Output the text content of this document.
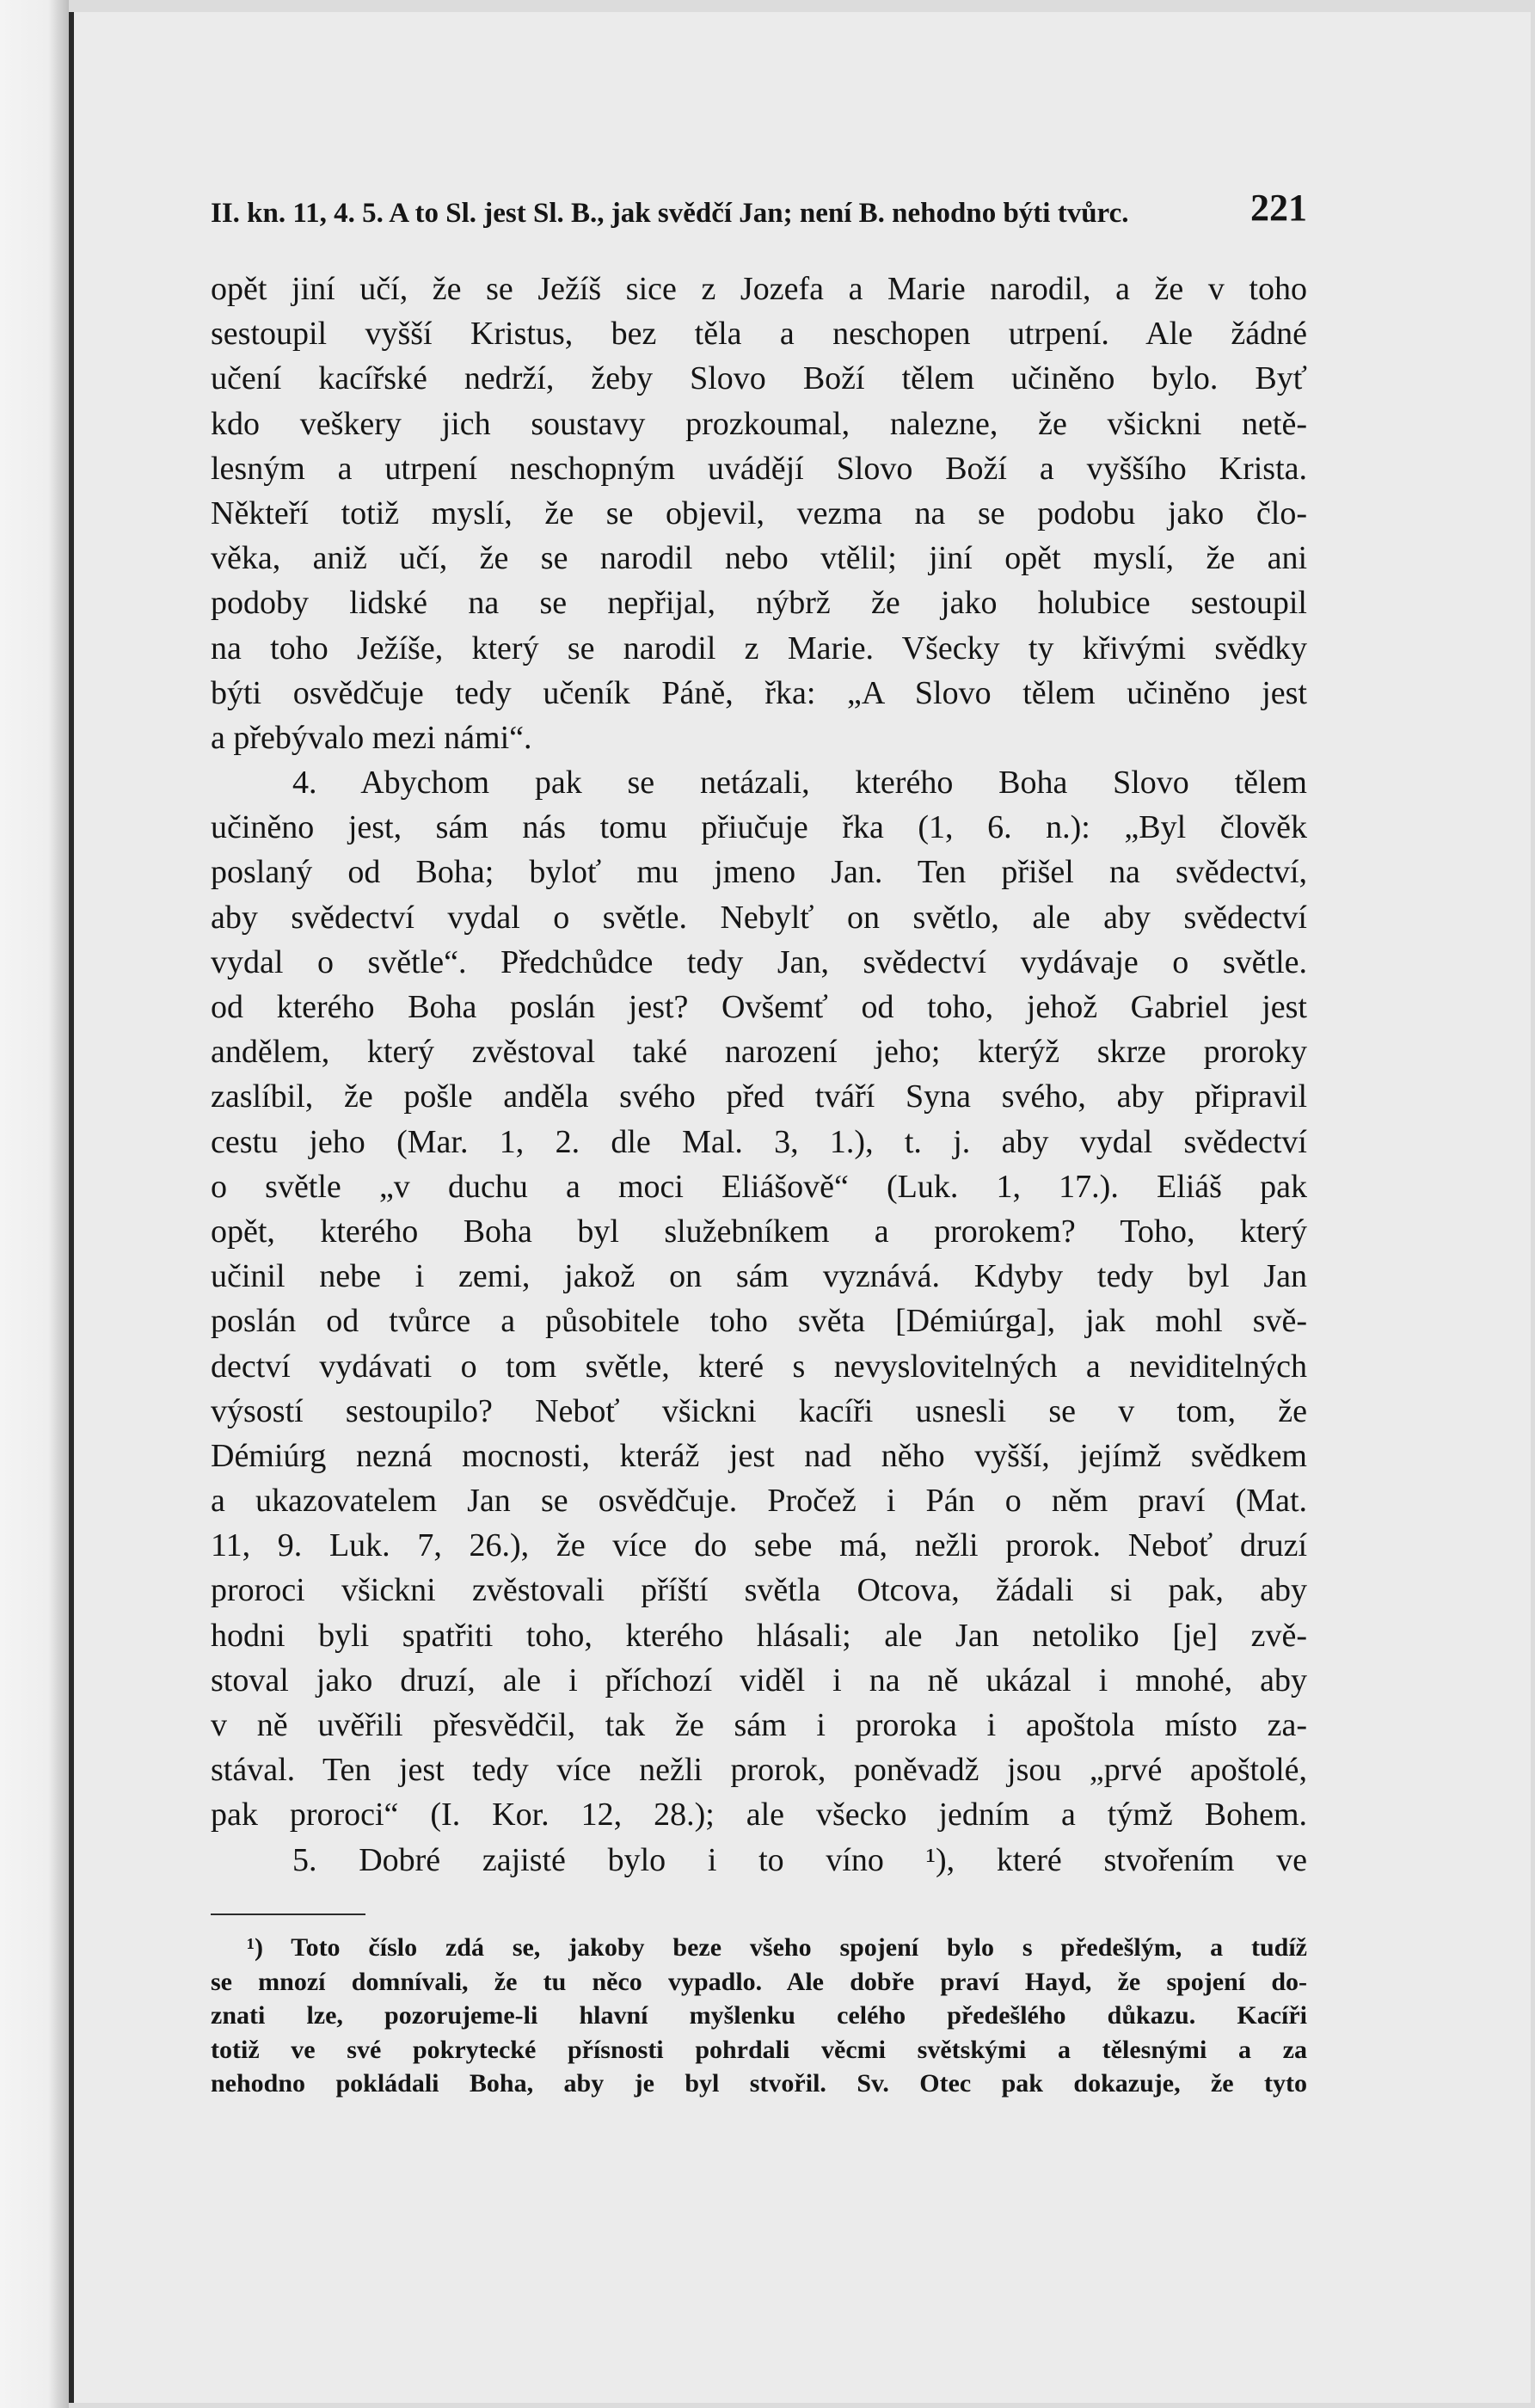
II. kn. 11, 4. 5. A to Sl. jest Sl. B., jak svědčí Jan; není B. nehodno býti tvůrc.	221
opět jiní učí, že se Ježíš sice z Jozefa a Marie narodil, a že v toho
sestoupil vyšší Kristus, bez těla a neschopen utrpení. Ale žádné
učení kacířské nedrží, žeby Slovo Boží tělem učiněno bylo. Byť
kdo veškery jich soustavy prozkoumal, nalezne, že všickni netě-
lesným a utrpení neschopným uvádějí Slovo Boží a vyššího Krista.
Někteří totiž myslí, že se objevil, vezma na se podobu jako člo-
věka, aniž učí, že se narodil nebo vtělil; jiní opět myslí, že ani
podoby lidské na se nepřijal, nýbrž že jako holubice sestoupil
na toho Ježíše, který se narodil z Marie. Všecky ty křivými svědky
býti osvědčuje tedy učeník Páně, řka: „A Slovo tělem učiněno jest
a přebývalo mezi námi“.
4. Abychom pak se netázali, kterého Boha Slovo tělem
učiněno jest, sám nás tomu přiučuje řka (1, 6. n.): „Byl člověk
poslaný od Boha; byloť mu jmeno Jan. Ten přišel na svědectví,
aby svědectví vydal o světle. Nebylť on světlo, ale aby svědectví
vydal o světle“. Předchůdce tedy Jan, svědectví vydávaje o světle.
od kterého Boha poslán jest? Ovšemť od toho, jehož Gabriel jest
andělem, který zvěstoval také narození jeho; kterýž skrze proroky
zaslíbil, že pošle anděla svého před tváří Syna svého, aby připravil
cestu jeho (Mar. 1, 2. dle Mal. 3, 1.), t. j. aby vydal svědectví
o světle „v duchu a moci Eliášově“ (Luk. 1, 17.). Eliáš pak
opět, kterého Boha byl služebníkem a prorokem? Toho, který
učinil nebe i zemi, jakož on sám vyznává. Kdyby tedy byl Jan
poslán od tvůrce a působitele toho světa [Démiúrga], jak mohl svě-
dectví vydávati o tom světle, které s nevyslovitelných a neviditelných
výsostí sestoupilo? Neboť všickni kacíři usnesli se v tom, že
Démiúrg nezná mocnosti, kteráž jest nad něho vyšší, jejímž svědkem
a ukazovatelem Jan se osvědčuje. Pročež i Pán o něm praví (Mat.
11, 9. Luk. 7, 26.), že více do sebe má, nežli prorok. Neboť druzí
proroci všickni zvěstovali příští světla Otcova, žádali si pak, aby
hodni byli spatřiti toho, kterého hlásali; ale Jan netoliko [je] zvě-
stoval jako druzí, ale i příchozí viděl i na ně ukázal i mnohé, aby
v ně uvěřili přesvědčil, tak že sám i proroka i apoštola místo za-
stával. Ten jest tedy více nežli prorok, poněvadž jsou „prvé apoštolé,
pak proroci“ (I. Kor. 12, 28.); ale všecko jedním a týmž Bohem.
5. Dobré zajisté bylo i to víno ¹), které stvořením ve
¹) Toto číslo zdá se, jakoby beze všeho spojení bylo s předešlým, a tudíž
se mnozí domnívali, že tu něco vypadlo. Ale dobře praví Hayd, že spojení do-
znati lze, pozorujeme-li hlavní myšlenku celého předešlého důkazu. Kacíři
totiž ve své pokrytecké přísnosti pohrdali věcmi světskými a tělesnými a za
nehodno pokládali Boha, aby je byl stvořil. Sv. Otec pak dokazuje, že tyto
